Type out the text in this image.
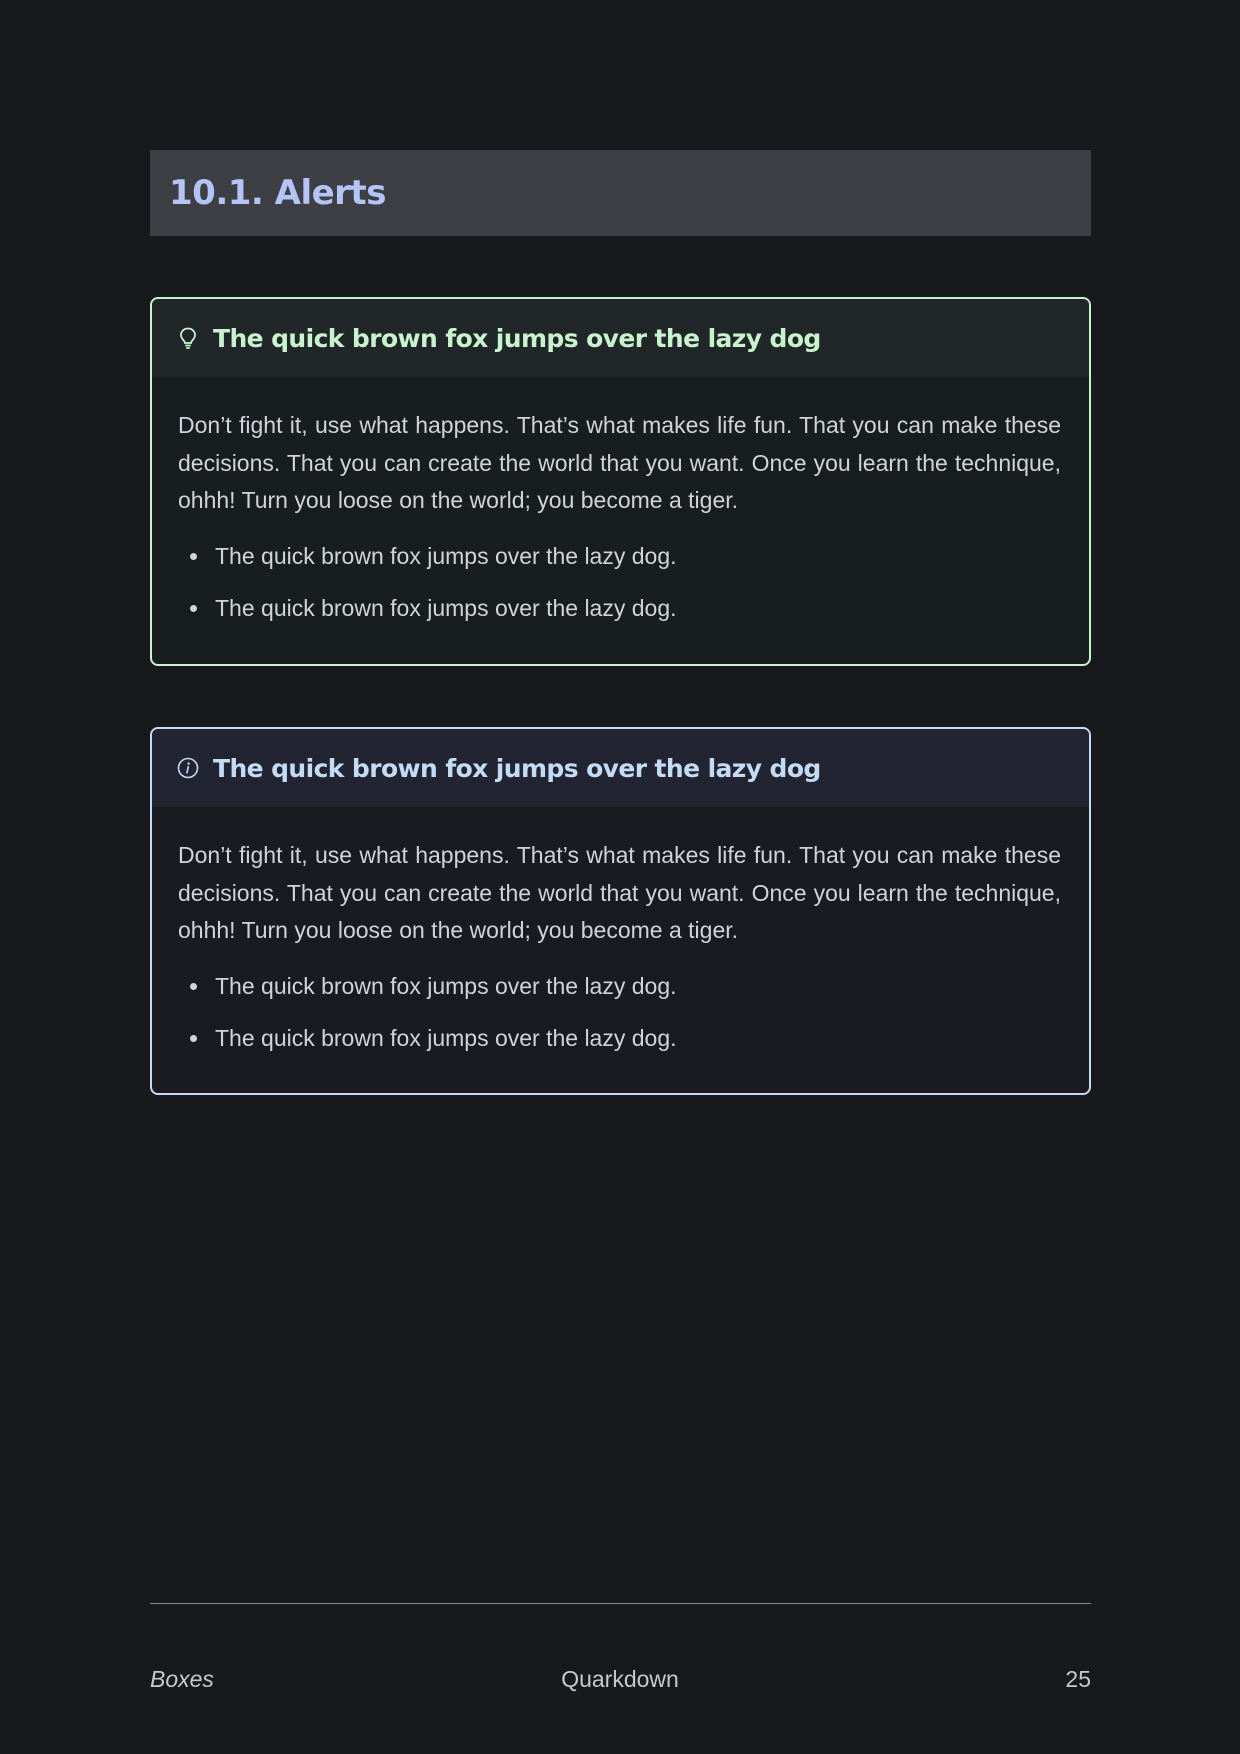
10.1. Alerts
The quick brown fox jumps over the lazy dog

Don’t fight it, use what happens. That’s what makes life fun. That you can make these decisions. That you can create the world that you want. Once you learn the technique, ohhh! Turn you loose on the world; you become a tiger.

The quick brown fox jumps over the lazy dog.
The quick brown fox jumps over the lazy dog.
The quick brown fox jumps over the lazy dog

Don’t fight it, use what happens. That’s what makes life fun. That you can make these decisions. That you can create the world that you want. Once you learn the technique, ohhh! Turn you loose on the world; you become a tiger.

The quick brown fox jumps over the lazy dog.
The quick brown fox jumps over the lazy dog.
Boxes	Quarkdown	25
